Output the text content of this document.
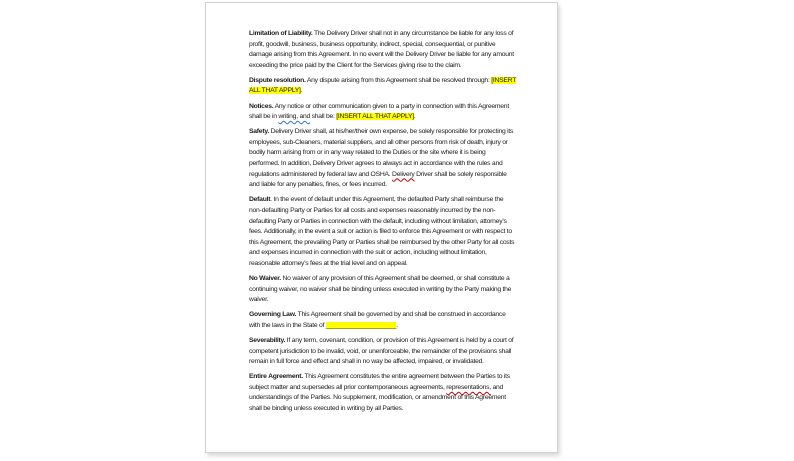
Limitation of Liability. The Delivery Driver shall not in any circumstance be liable for any loss of profit, goodwill, business, business opportunity, indirect, special, consequential, or punitive damage arising from this Agreement. In no event will the Delivery Driver be liable for any amount exceeding the price paid by the Client for the Services giving rise to the claim.

Dispute resolution. Any dispute arising from this Agreement shall be resolved through: [INSERT ALL THAT APPLY].

Notices. Any notice or other communication given to a party in connection with this Agreement shall be in writing, and shall be: [INSERT ALL THAT APPLY].

Safety. Delivery Driver shall, at his/her/their own expense, be solely responsible for protecting its employees, sub-Cleaners, material suppliers, and all other persons from risk of death, injury or bodily harm arising from or in any way related to the Duties or the site where it is being performed. In addition, Delivery Driver agrees to always act in accordance with the rules and regulations administered by federal law and OSHA. Delivery Driver shall be solely responsible and liable for any penalties, fines, or fees incurred.

Default. In the event of default under this Agreement, the defaulted Party shall reimburse the non-defaulting Party or Parties for all costs and expenses reasonably incurred by the non-defaulting Party or Parties in connection with the default, including without limitation, attorney’s fees. Additionally, in the event a suit or action is filed to enforce this Agreement or with respect to this Agreement, the prevailing Party or Parties shall be reimbursed by the other Party for all costs and expenses incurred in connection with the suit or action, including without limitation, reasonable attorney’s fees at the trial level and on appeal.

No Waiver. No waiver of any provision of this Agreement shall be deemed, or shall constitute a continuing waiver, no waiver shall be binding unless executed in writing by the Party making the waiver.

Governing Law. This Agreement shall be governed by and shall be construed in accordance with the laws in the State of ____________________.

Severability. If any term, covenant, condition, or provision of this Agreement is held by a court of competent jurisdiction to be invalid, void, or unenforceable, the remainder of the provisions shall remain in full force and effect and shall in no way be affected, impaired, or invalidated.

Entire Agreement. This Agreement constitutes the entire agreement between the Parties to its subject matter and supersedes all prior contemporaneous agreements, representations, and understandings of the Parties. No supplement, modification, or amendment of this Agreement shall be binding unless executed in writing by all Parties.
